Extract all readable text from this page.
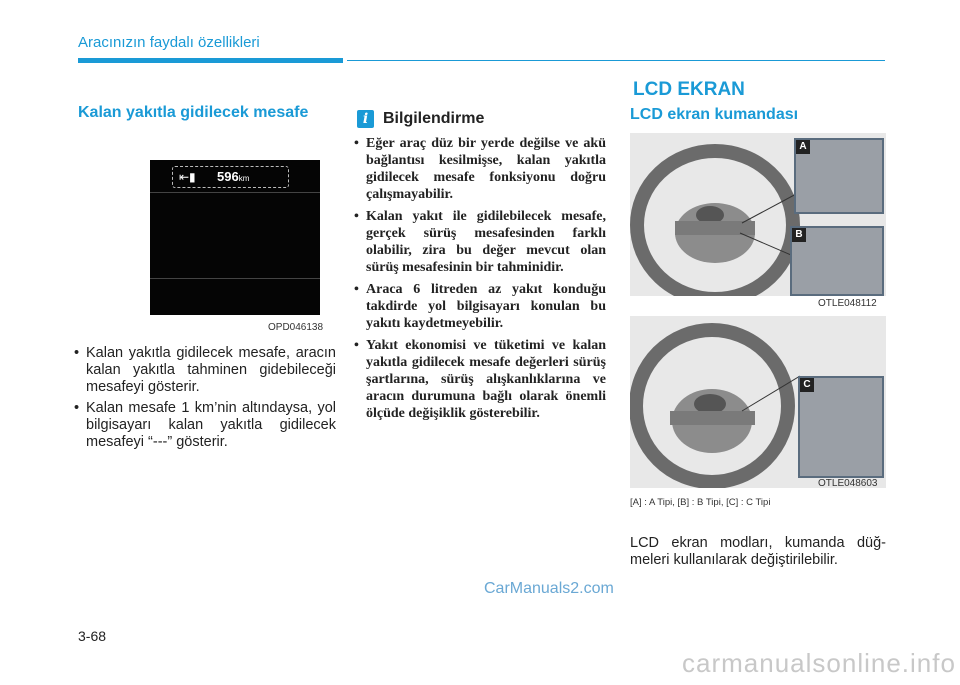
Aracınızın faydalı özellikleri
Kalan yakıtla gidilecek mesafe
⇤▮ 596km
OPD046138
• Kalan yakıtla gidilecek mesafe, aracın kalan yakıtla tahminen gidebileceği mesafeyi gösterir.
• Kalan mesafe 1 km’nin altındaysa, yol bilgisayarı kalan yakıtla gidilecek mesafeyi “---” gösterir.
i Bilgilendirme
• Eğer araç düz bir yerde değilse ve akü bağlantısı kesilmişse, kalan yakıtla gidilecek mesafe fonksiyonu doğru çalışmayabilir.
• Kalan yakıt ile gidilebilecek mesafe, gerçek sürüş mesafesinden farklı olabilir, zira bu değer mevcut olan sürüş mesafesinin bir tahminidir.
• Araca 6 litreden az yakıt konduğu takdirde yol bilgisayarı konulan bu yakıtı kaydetmeyebilir.
• Yakıt ekonomisi ve tüketimi ve kalan yakıtla gidilecek mesafe değerleri sürüş şartlarına, sürüş alışkanlıklarına ve aracın durumuna bağlı olarak önemli ölçüde değişiklik gösterebilir.
LCD EKRAN
LCD ekran kumandası
A
B
OTLE048112
C
OTLE048603
[A] : A Tipi, [B] : B Tipi, [C] : C Tipi
LCD ekran modları, kumanda düğmeleri kullanılarak değiştirilebilir.
CarManuals2.com
3-68
carmanualsonline.info
